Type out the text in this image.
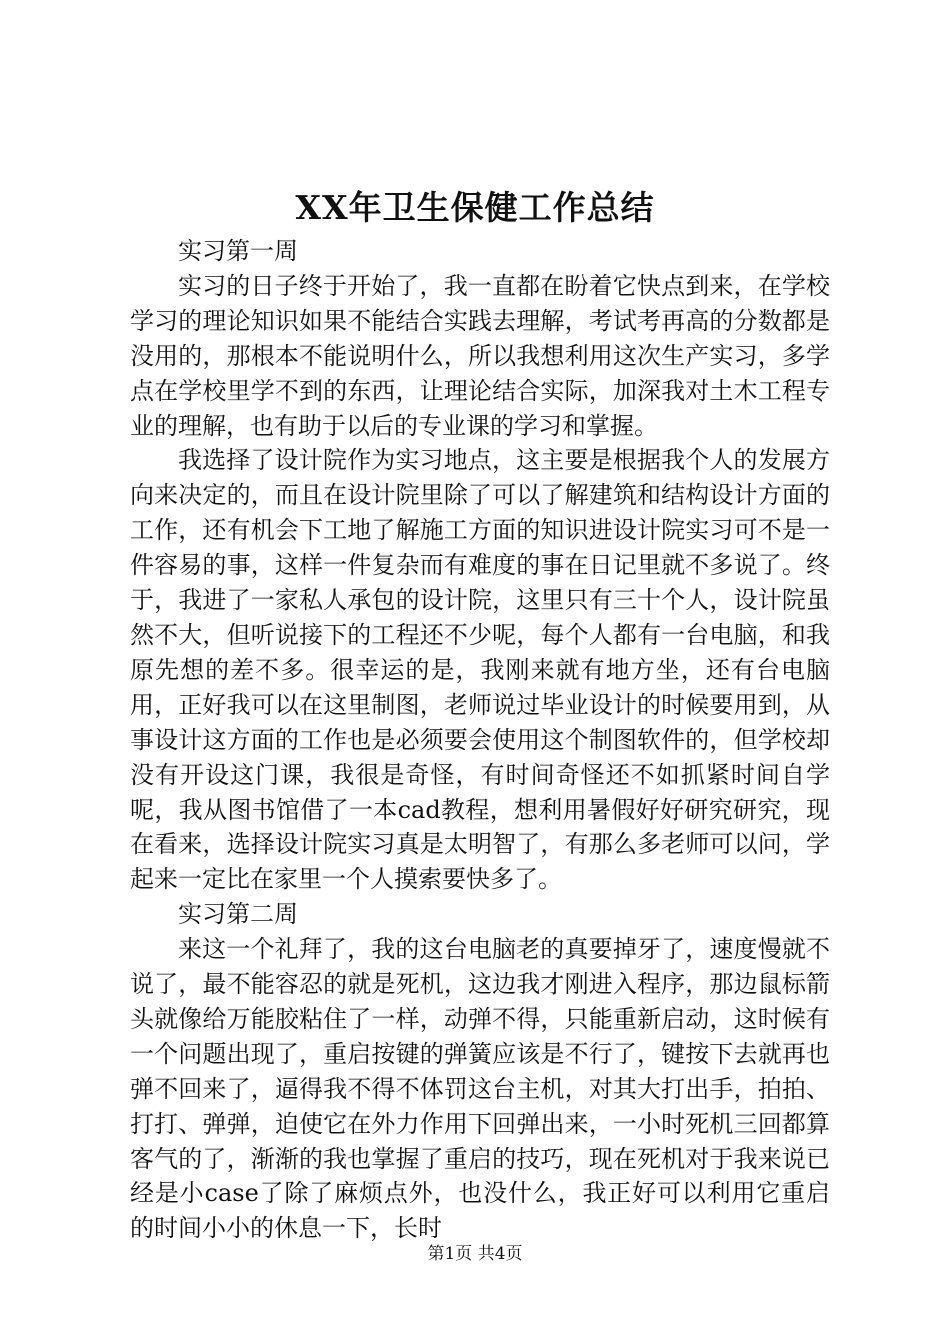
XX年卫生保健工作总结

实习第一周

实习的日子终于开始了，我一直都在盼着它快点到来，在学校学习的理论知识如果不能结合实践去理解，考试考再高的分数都是没用的，那根本不能说明什么，所以我想利用这次生产实习，多学点在学校里学不到的东西，让理论结合实际，加深我对土木工程专业的理解，也有助于以后的专业课的学习和掌握。

我选择了设计院作为实习地点，这主要是根据我个人的发展方向来决定的，而且在设计院里除了可以了解建筑和结构设计方面的工作，还有机会下工地了解施工方面的知识进设计院实习可不是一件容易的事，这样一件复杂而有难度的事在日记里就不多说了。终于，我进了一家私人承包的设计院，这里只有三十个人，设计院虽然不大，但听说接下的工程还不少呢，每个人都有一台电脑，和我原先想的差不多。很幸运的是，我刚来就有地方坐，还有台电脑用，正好我可以在这里制图，老师说过毕业设计的时候要用到，从事设计这方面的工作也是必须要会使用这个制图软件的，但学校却没有开设这门课，我很是奇怪，有时间奇怪还不如抓紧时间自学呢，我从图书馆借了一本cad教程，想利用暑假好好研究研究，现在看来，选择设计院实习真是太明智了，有那么多老师可以问，学起来一定比在家里一个人摸索要快多了。

实习第二周

来这一个礼拜了，我的这台电脑老的真要掉牙了，速度慢就不说了，最不能容忍的就是死机，这边我才刚进入程序，那边鼠标箭头就像给万能胶粘住了一样，动弹不得，只能重新启动，这时候有一个问题出现了，重启按键的弹簧应该是不行了，键按下去就再也弹不回来了，逼得我不得不体罚这台主机，对其大打出手，拍拍、打打、弹弹，迫使它在外力作用下回弹出来，一小时死机三回都算客气的了，渐渐的我也掌握了重启的技巧，现在死机对于我来说已经是小case了除了麻烦点外，也没什么，我正好可以利用它重启的时间小小的休息一下，长时

第1页 共4页
